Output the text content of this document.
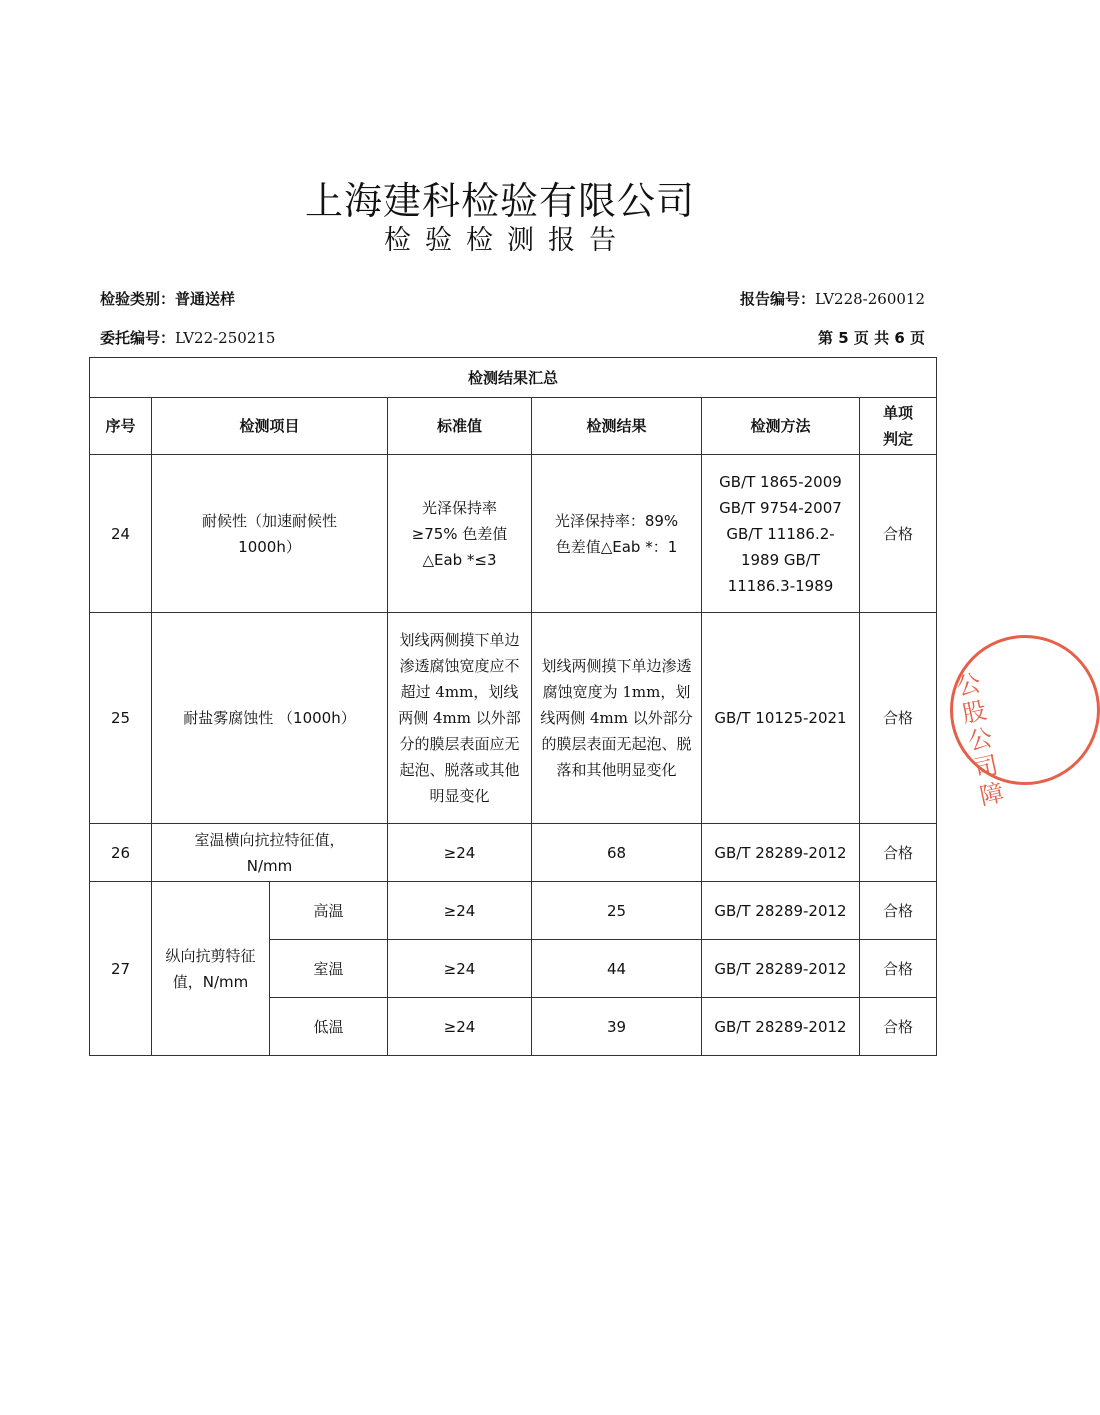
上海建科检验有限公司
检验检测报告
检验类别：普通送样	报告编号：LV228-260012
委托编号：LV22-250215	第 5 页 共 6 页
检测结果汇总						
序号	检测项目		标准值	检测结果	检测方法	单项
判定
24	耐候性（加速耐候性 1000h）		光泽保持率 ≥75% 色差值△Eab *≤3	光泽保持率：89% 色差值△Eab *：1	GB/T 1865-2009 GB/T 9754-2007 GB/T 11186.2-1989 GB/T 11186.3-1989	合格
25	耐盐雾腐蚀性 （1000h）		划线两侧摸下单边渗透腐蚀宽度应不超过 4mm，划线两侧 4mm 以外部分的膜层表面应无起泡、脱落或其他明显变化	划线两侧摸下单边渗透腐蚀宽度为 1mm，划线两侧 4mm 以外部分的膜层表面无起泡、脱落和其他明显变化	GB/T 10125-2021	合格
26	室温横向抗拉特征值，N/mm		≥24	68	GB/T 28289-2012	合格
27	纵向抗剪特征值，N/mm	高温	≥24	25	GB/T 28289-2012	合格
		室温	≥24	44	GB/T 28289-2012	合格
		低温	≥24	39	GB/T 28289-2012	合格
公股公司障
